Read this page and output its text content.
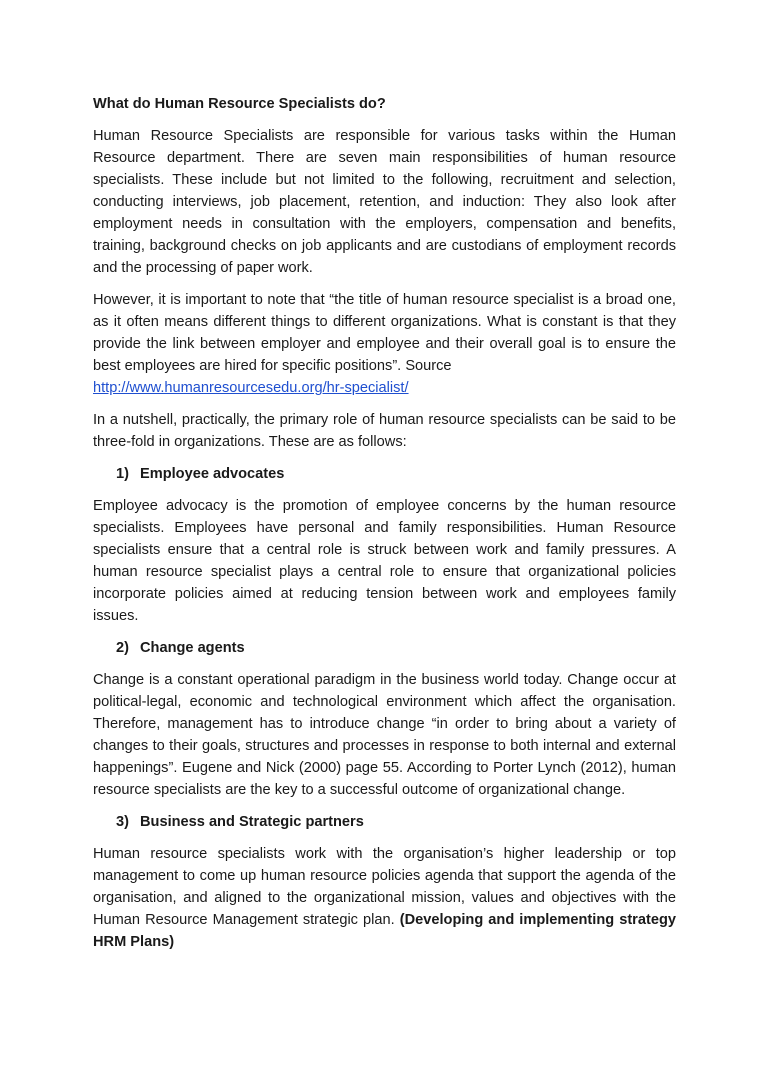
What do Human Resource Specialists do?

Human Resource Specialists are responsible for various tasks within the Human Resource department. There are seven main responsibilities of human resource specialists. These include but not limited to the following, recruitment and selection, conducting interviews, job placement, retention, and induction: They also look after employment needs in consultation with the employers, compensation and benefits, training, background checks on job applicants and are custodians of employment records and the processing of paper work.

However, it is important to note that “the title of human resource specialist is a broad one, as it often means different things to different organizations. What is constant is that they provide the link between employer and employee and their overall goal is to ensure the best employees are hired for specific positions”. Source
http://www.humanresourcesedu.org/hr-specialist/

In a nutshell, practically, the primary role of human resource specialists can be said to be three-fold in organizations. These are as follows:

1) Employee advocates

Employee advocacy is the promotion of employee concerns by the human resource specialists. Employees have personal and family responsibilities. Human Resource specialists ensure that a central role is struck between work and family pressures. A human resource specialist plays a central role to ensure that organizational policies incorporate policies aimed at reducing tension between work and employees family issues.

2) Change agents

Change is a constant operational paradigm in the business world today. Change occur at political-legal, economic and technological environment which affect the organisation. Therefore, management has to introduce change “in order to bring about a variety of changes to their goals, structures and processes in response to both internal and external happenings”. Eugene and Nick (2000) page 55. According to Porter Lynch (2012), human resource specialists are the key to a successful outcome of organizational change.

3) Business and Strategic partners

Human resource specialists work with the organisation’s higher leadership or top management to come up human resource policies agenda that support the agenda of the organisation, and aligned to the organizational mission, values and objectives with the Human Resource Management strategic plan. (Developing and implementing strategy HRM Plans)
